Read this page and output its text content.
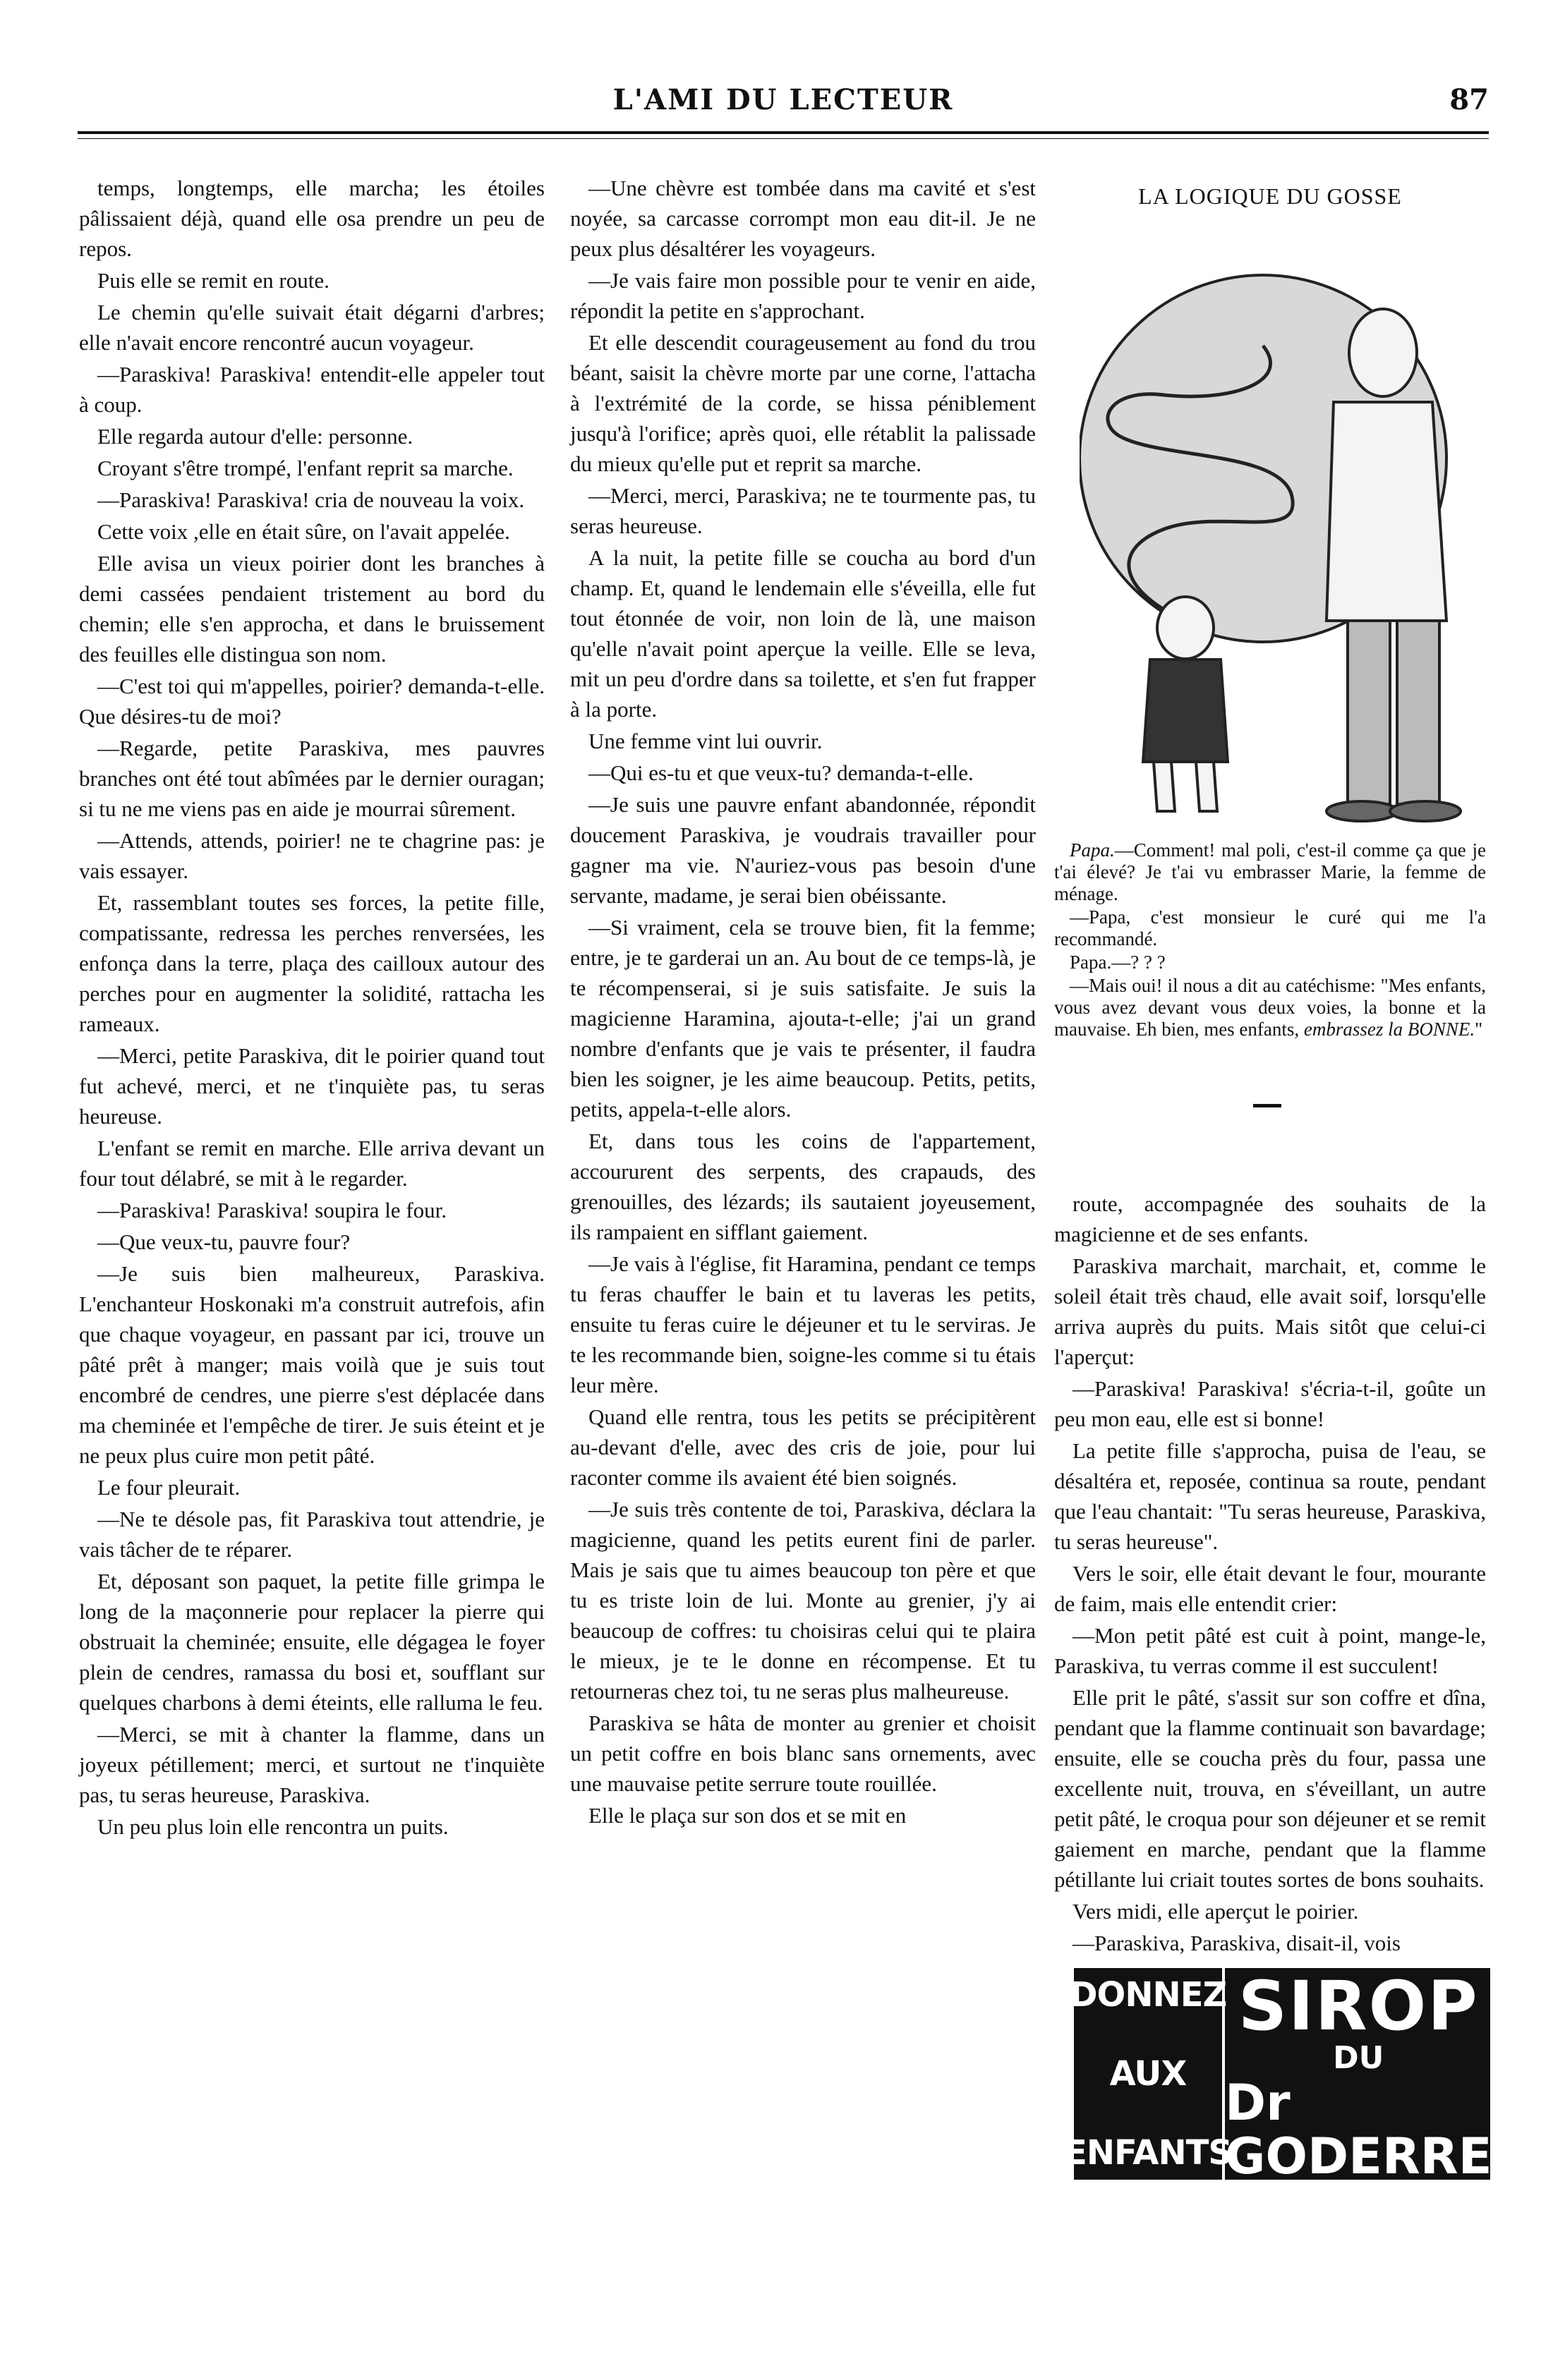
L'AMI DU LECTEUR	87

temps, longtemps, elle marcha; les étoiles pâlissaient déjà, quand elle osa prendre un peu de repos.

Puis elle se remit en route.

Le chemin qu'elle suivait était dégarni d'arbres; elle n'avait encore rencontré aucun voyageur.

—Paraskiva! Paraskiva! entendit-elle appeler tout à coup.

Elle regarda autour d'elle: personne.

Croyant s'être trompé, l'enfant reprit sa marche.

—Paraskiva! Paraskiva! cria de nouveau la voix.

Cette voix ,elle en était sûre, on l'avait appelée.

Elle avisa un vieux poirier dont les branches à demi cassées pendaient tristement au bord du chemin; elle s'en approcha, et dans le bruissement des feuilles elle distingua son nom.

—C'est toi qui m'appelles, poirier? demanda-t-elle. Que désires-tu de moi?

—Regarde, petite Paraskiva, mes pauvres branches ont été tout abîmées par le dernier ouragan; si tu ne me viens pas en aide je mourrai sûrement.

—Attends, attends, poirier! ne te chagrine pas: je vais essayer.

Et, rassemblant toutes ses forces, la petite fille, compatissante, redressa les perches renversées, les enfonça dans la terre, plaça des cailloux autour des perches pour en augmenter la solidité, rattacha les rameaux.

—Merci, petite Paraskiva, dit le poirier quand tout fut achevé, merci, et ne t'inquiète pas, tu seras heureuse.

L'enfant se remit en marche. Elle arriva devant un four tout délabré, se mit à le regarder.

—Paraskiva! Paraskiva! soupira le four.

—Que veux-tu, pauvre four?

—Je suis bien malheureux, Paraskiva. L'enchanteur Hoskonaki m'a construit autrefois, afin que chaque voyageur, en passant par ici, trouve un pâté prêt à manger; mais voilà que je suis tout encombré de cendres, une pierre s'est déplacée dans ma cheminée et l'empêche de tirer. Je suis éteint et je ne peux plus cuire mon petit pâté.

Le four pleurait.

—Ne te désole pas, fit Paraskiva tout attendrie, je vais tâcher de te réparer.

Et, déposant son paquet, la petite fille grimpa le long de la maçonnerie pour replacer la pierre qui obstruait la cheminée; ensuite, elle dégagea le foyer plein de cendres, ramassa du bosi et, soufflant sur quelques charbons à demi éteints, elle ralluma le feu.

—Merci, se mit à chanter la flamme, dans un joyeux pétillement; merci, et surtout ne t'inquiète pas, tu seras heureuse, Paraskiva.

Un peu plus loin elle rencontra un puits.

—Une chèvre est tombée dans ma cavité et s'est noyée, sa carcasse corrompt mon eau dit-il. Je ne peux plus désaltérer les voyageurs.

—Je vais faire mon possible pour te venir en aide, répondit la petite en s'approchant.

Et elle descendit courageusement au fond du trou béant, saisit la chèvre morte par une corne, l'attacha à l'extrémité de la corde, se hissa péniblement jusqu'à l'orifice; après quoi, elle rétablit la palissade du mieux qu'elle put et reprit sa marche.

—Merci, merci, Paraskiva; ne te tourmente pas, tu seras heureuse.

A la nuit, la petite fille se coucha au bord d'un champ. Et, quand le lendemain elle s'éveilla, elle fut tout étonnée de voir, non loin de là, une maison qu'elle n'avait point aperçue la veille. Elle se leva, mit un peu d'ordre dans sa toilette, et s'en fut frapper à la porte.

Une femme vint lui ouvrir.

—Qui es-tu et que veux-tu? demanda-t-elle.

—Je suis une pauvre enfant abandonnée, répondit doucement Paraskiva, je voudrais travailler pour gagner ma vie. N'auriez-vous pas besoin d'une servante, madame, je serai bien obéissante.

—Si vraiment, cela se trouve bien, fit la femme; entre, je te garderai un an. Au bout de ce temps-là, je te récompenserai, si je suis satisfaite. Je suis la magicienne Haramina, ajouta-t-elle; j'ai un grand nombre d'enfants que je vais te présenter, il faudra bien les soigner, je les aime beaucoup. Petits, petits, petits, appela-t-elle alors.

Et, dans tous les coins de l'appartement, accoururent des serpents, des crapauds, des grenouilles, des lézards; ils sautaient joyeusement, ils rampaient en sifflant gaiement.

—Je vais à l'église, fit Haramina, pendant ce temps tu feras chauffer le bain et tu laveras les petits, ensuite tu feras cuire le déjeuner et tu le serviras. Je te les recommande bien, soigne-les comme si tu étais leur mère.

Quand elle rentra, tous les petits se précipitèrent au-devant d'elle, avec des cris de joie, pour lui raconter comme ils avaient été bien soignés.

—Je suis très contente de toi, Paraskiva, déclara la magicienne, quand les petits eurent fini de parler. Mais je sais que tu aimes beaucoup ton père et que tu es triste loin de lui. Monte au grenier, j'y ai beaucoup de coffres: tu choisiras celui qui te plaira le mieux, je te le donne en récompense. Et tu retourneras chez toi, tu ne seras plus malheureuse.

Paraskiva se hâta de monter au grenier et choisit un petit coffre en bois blanc sans ornements, avec une mauvaise petite serrure toute rouillée.

Elle le plaça sur son dos et se mit en

LA LOGIQUE DU GOSSE

Papa.—Comment! mal poli, c'est-il comme ça que je t'ai élevé? Je t'ai vu embrasser Marie, la femme de ménage.

—Papa, c'est monsieur le curé qui me l'a recommandé.

Papa.—? ? ?

—Mais oui! il nous a dit au catéchisme: "Mes enfants, vous avez devant vous deux voies, la bonne et la mauvaise. Eh bien, mes enfants, embrassez la BONNE."

route, accompagnée des souhaits de la magicienne et de ses enfants.

Paraskiva marchait, marchait, et, comme le soleil était très chaud, elle avait soif, lorsqu'elle arriva auprès du puits. Mais sitôt que celui-ci l'aperçut:

—Paraskiva! Paraskiva! s'écria-t-il, goûte un peu mon eau, elle est si bonne!

La petite fille s'approcha, puisa de l'eau, se désaltéra et, reposée, continua sa route, pendant que l'eau chantait: "Tu seras heureuse, Paraskiva, tu seras heureuse".

Vers le soir, elle était devant le four, mourante de faim, mais elle entendit crier:

—Mon petit pâté est cuit à point, mange-le, Paraskiva, tu verras comme il est succulent!

Elle prit le pâté, s'assit sur son coffre et dîna, pendant que la flamme continuait son bavardage; ensuite, elle se coucha près du four, passa une excellente nuit, trouva, en s'éveillant, un autre petit pâté, le croqua pour son déjeuner et se remit gaiement en marche, pendant que la flamme pétillante lui criait toutes sortes de bons souhaits.

Vers midi, elle aperçut le poirier.

—Paraskiva, Paraskiva, disait-il, vois

DONNEZ
AUX
ENFANTS
SIROP
DU
Dr GODERRE
